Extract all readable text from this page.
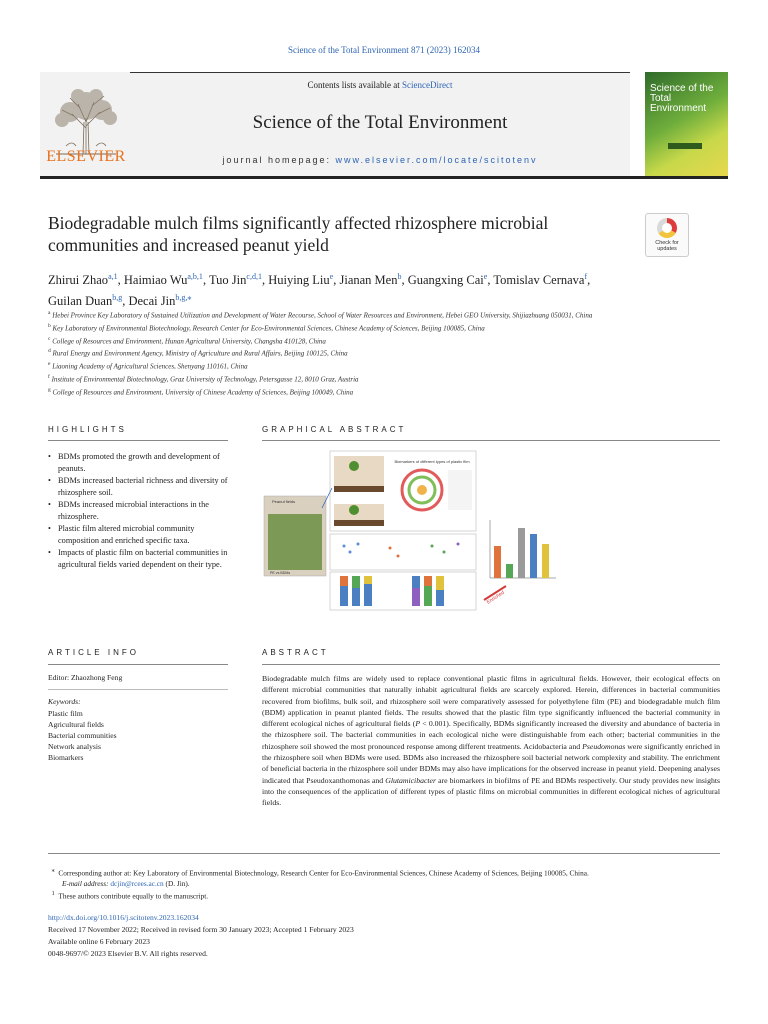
Science of the Total Environment 871 (2023) 162034
ELSEVIER
Contents lists available at ScienceDirect
Science of the Total Environment
journal homepage: www.elsevier.com/locate/scitotenv
Science of the Total Environment
Biodegradable mulch films significantly affected rhizosphere microbial communities and increased peanut yield	Check for updates
Zhirui Zhao$^{a,1}$, Haimiao Wu$^{a,b,1}$, Tuo Jin$^{c,d,1}$, Huiying Liu$^e$, Jianan Men$^b$, Guangxing Cai$^e$, Tomislav Cernava$^f$,
Guilan Duan$^{b,g}$, Decai Jin$^{b,g,⁎}$

$^a$ Hebei Province Key Laboratory of Sustained Utilization and Development of Water Recourse, School of Water Resources and Environment, Hebei GEO University, Shijiazhuang 050031, China

$^b$ Key Laboratory of Environmental Biotechnology, Research Center for Eco-Environmental Sciences, Chinese Academy of Sciences, Beijing 100085, China

$^c$ College of Resources and Environment, Hunan Agricultural University, Changsha 410128, China

$^d$ Rural Energy and Environment Agency, Ministry of Agriculture and Rural Affairs, Beijing 100125, China

$^e$ Liaoning Academy of Agricultural Sciences, Shenyang 110161, China

$^f$ Institute of Environmental Biotechnology, Graz University of Technology, Petersgasse 12, 8010 Graz, Austria

$^g$ College of Resources and Environment, University of Chinese Academy of Sciences, Beijing 100049, China

HIGHLIGHTS	GRAPHICAL ABSTRACT

• BDMs promoted the growth and development of peanuts.

• BDMs increased bacterial richness and diversity of rhizosphere soil.

• BDMs increased microbial interactions in the rhizosphere.

• Plastic film altered microbial community composition and enriched specific taxa.

• Impacts of plastic film on bacterial communities in agricultural fields varied dependent on their type.

Biomarkers of different types of plastic film
Peanut fields
PE vs BDMs
Enriched
ARTICLE INFO	ABSTRACT
Editor: Zhaozhong Feng
Keywords:

Plastic film

Agricultural fields

Bacterial communities

Network analysis

Biomarkers

Biodegradable mulch films are widely used to replace conventional plastic films in agricultural fields. However, their ecological effects on different microbial communities that naturally inhabit agricultural fields are scarcely explored. Herein, differences in bacterial communities recovered from biofilms, bulk soil, and rhizosphere soil were comparatively assessed for polyethylene film (PE) and biodegradable mulch film (BDM) application in peanut planted fields. The results showed that the plastic film type significantly influenced the bacterial community in different ecological niches of agricultural fields (P < 0.001). Specifically, BDMs significantly increased the diversity and abundance of bacteria in the rhizosphere soil. The bacterial communities in each ecological niche were distinguishable from each other; bacterial communities in the rhizosphere soil showed the most pronounced response among different treatments. Acidobacteria and Pseudomonas were significantly enriched in the rhizosphere soil when BDMs were used. BDMs also increased the rhizosphere soil bacterial network complexity and stability. The enrichment of beneficial bacteria in the rhizosphere soil under BDMs may also have implications for the observed increase in peanut yield. Deepening analyses indicated that Pseudoxanthomonas and Glutamicibacter are biomarkers in biofilms of PE and BDMs respectively. Our study provides new insights into the consequences of the application of different types of plastic films on microbial communities in different ecological niches of agricultural fields.

⁎ Corresponding author at: Key Laboratory of Environmental Biotechnology, Research Center for Eco-Environmental Sciences, Chinese Academy of Sciences, Beijing 100085, China.

E-mail address: dcjin@rcees.ac.cn (D. Jin).

$^1$ These authors contribute equally to the manuscript.

http://dx.doi.org/10.1016/j.scitotenv.2023.162034

Received 17 November 2022; Received in revised form 30 January 2023; Accepted 1 February 2023

Available online 6 February 2023

0048-9697/© 2023 Elsevier B.V. All rights reserved.
